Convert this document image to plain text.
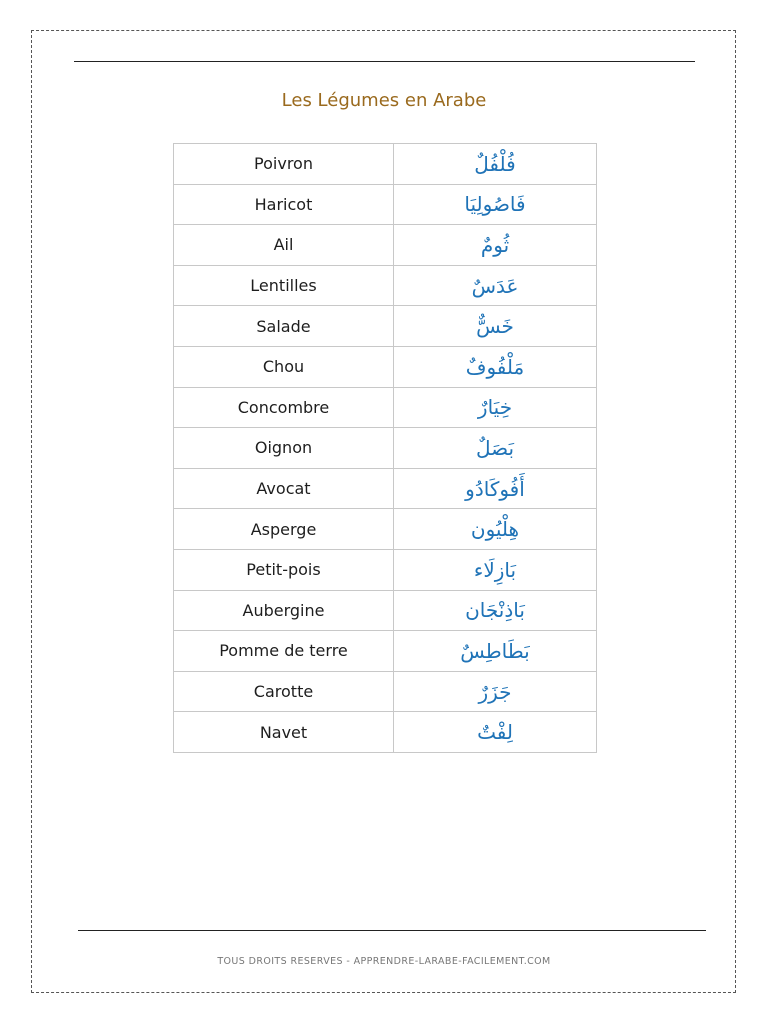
Les Légumes en Arabe
Poivron	فُلْفُلٌ
Haricot	فَاصُولِيَا
Ail	ثُومٌ
Lentilles	عَدَسٌ
Salade	خَسٌّ
Chou	مَلْفُوفٌ
Concombre	خِيَارٌ
Oignon	بَصَلٌ
Avocat	أَفُوكَادُو
Asperge	هِلْيُون
Petit-pois	بَازِلَاء
Aubergine	بَاذِنْجَان
Pomme de terre	بَطَاطِسٌ
Carotte	جَزَرٌ
Navet	لِفْتٌ
TOUS DROITS RESERVES - APPRENDRE-LARABE-FACILEMENT.COM
